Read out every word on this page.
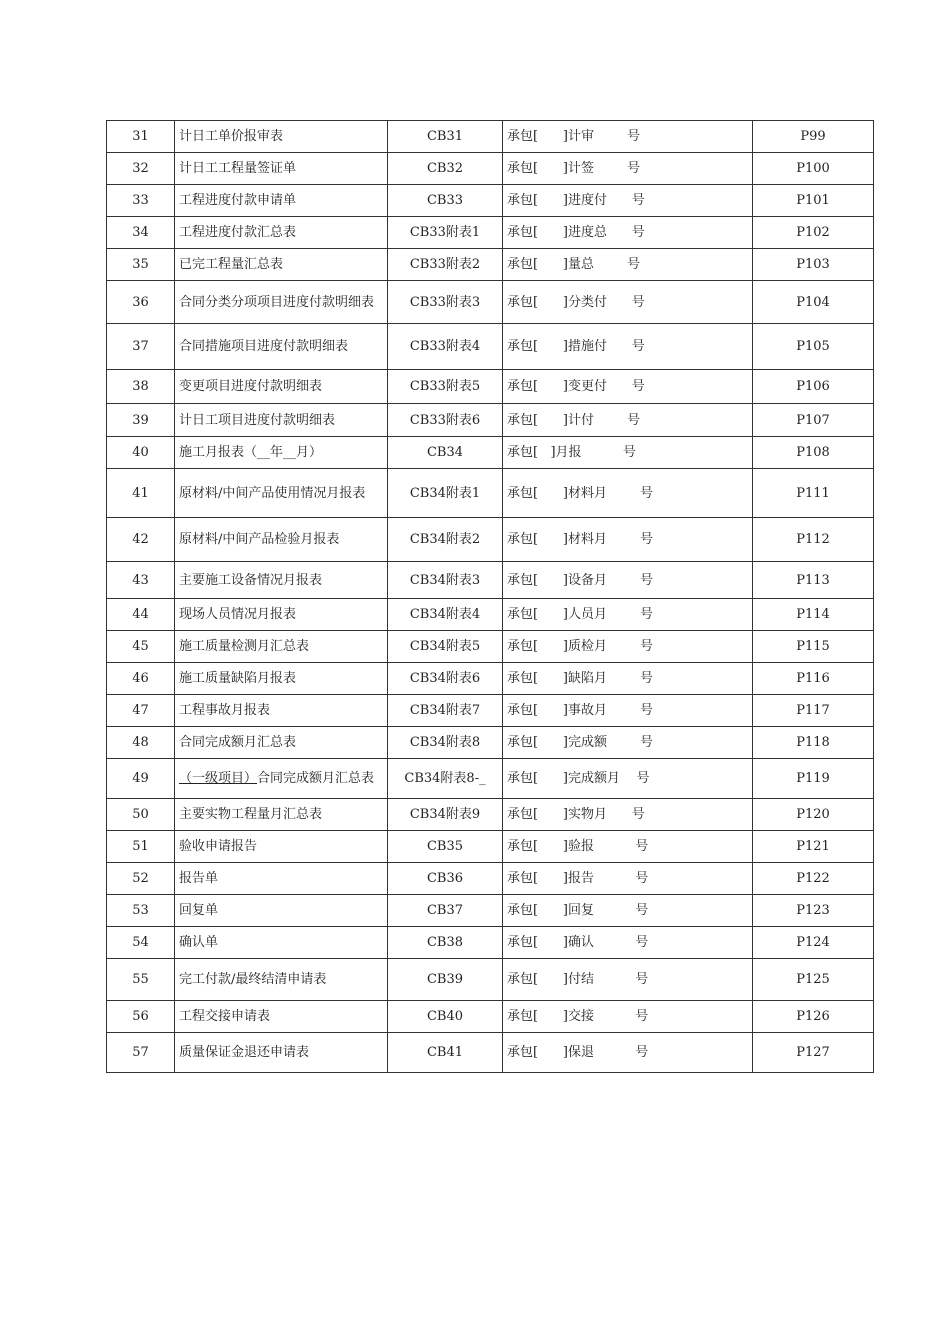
31	计日工单价报审表	CB31	承包[      ]计审        号	P99
32	计日工工程量签证单	CB32	承包[      ]计签        号	P100
33	工程进度付款申请单	CB33	承包[      ]进度付      号	P101
34	工程进度付款汇总表	CB33附表1	承包[      ]进度总      号	P102
35	已完工程量汇总表	CB33附表2	承包[      ]量总        号	P103
36	合同分类分项项目进度付款明细表	CB33附表3	承包[      ]分类付      号	P104
37	合同措施项目进度付款明细表	CB33附表4	承包[      ]措施付      号	P105
38	变更项目进度付款明细表	CB33附表5	承包[      ]变更付      号	P106
39	计日工项目进度付款明细表	CB33附表6	承包[      ]计付        号	P107
40	施工月报表（__年__月）	CB34	承包[   ]月报          号	P108
41	原材料/中间产品使用情况月报表	CB34附表1	承包[      ]材料月        号	P111
42	原材料/中间产品检验月报表	CB34附表2	承包[      ]材料月        号	P112
43	主要施工设备情况月报表	CB34附表3	承包[      ]设备月        号	P113
44	现场人员情况月报表	CB34附表4	承包[      ]人员月        号	P114
45	施工质量检测月汇总表	CB34附表5	承包[      ]质检月        号	P115
46	施工质量缺陷月报表	CB34附表6	承包[      ]缺陷月        号	P116
47	工程事故月报表	CB34附表7	承包[      ]事故月        号	P117
48	合同完成额月汇总表	CB34附表8	承包[      ]完成额        号	P118
49	（一级项目）合同完成额月汇总表	CB34附表8-_	承包[      ]完成额月    号	P119
50	主要实物工程量月汇总表	CB34附表9	承包[      ]实物月      号	P120
51	验收申请报告	CB35	承包[      ]验报          号	P121
52	报告单	CB36	承包[      ]报告          号	P122
53	回复单	CB37	承包[      ]回复          号	P123
54	确认单	CB38	承包[      ]确认          号	P124
55	完工付款/最终结清申请表	CB39	承包[      ]付结          号	P125
56	工程交接申请表	CB40	承包[      ]交接          号	P126
57	质量保证金退还申请表	CB41	承包[      ]保退          号	P127
